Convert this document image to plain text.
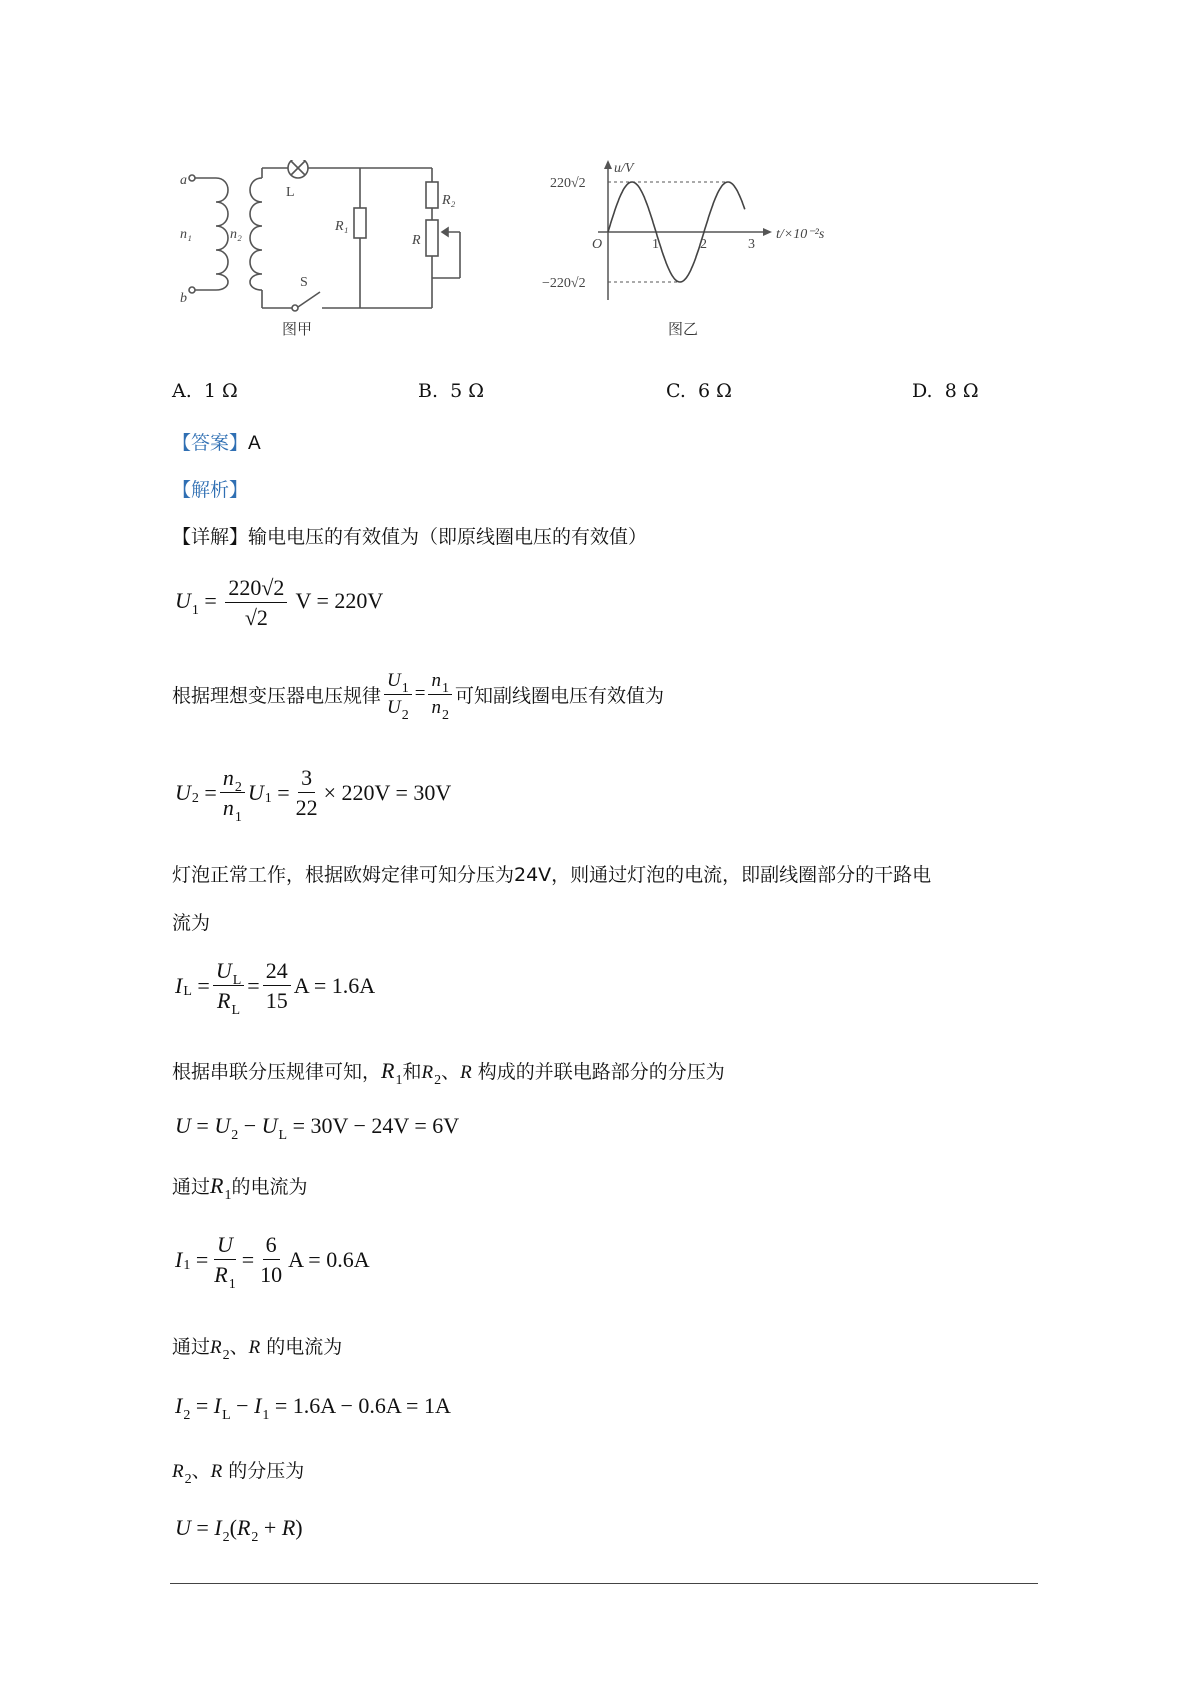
a
n₁
b
n₂
L
S
R₁
R
R₂
图甲
1	2	3
O
220√2
−220√2
u/V
t/×10⁻²s
图乙
A. 1 Ω	B. 5 Ω	C. 6 Ω	D. 8 Ω
【答案】A
【解析】
【详解】输电电压的有效值为（即原线圈电压的有效值）
$U_1 = \frac{220√2}{√2}$ V = 220V
根据理想变压器电压规律 $\frac{U_1}{U_2} = \frac{n_1}{n_2}$ 可知副线圈电压有效值为
U $2 = \frac{n_2}{n_1}$ U $1 = \frac{3}{22} \times 220V = 30V$
灯泡正常工作，根据欧姆定律可知分压为24V，则通过灯泡的电流，即副线圈部分的干路电
流为
I $L = \frac{U_L}{R_L} = \frac{24}{15}$ A = 1.6A
根据串联分压规律可知，$R_1$和$R_2$、R 构成的并联电路部分的分压为
$U = U_2 - U_L = 30V - 24V = 6V$
通过$R_1$的电流为
I $1 = \frac{U}{R_1} = \frac{6}{10}$ A = 0.6A
通过$R_2$、R 的电流为
$I_2 = I_L - I_1 = 1.6A - 0.6A = 1A$
$R_2$、R 的分压为
$U = I_2(R_2 + R)$
